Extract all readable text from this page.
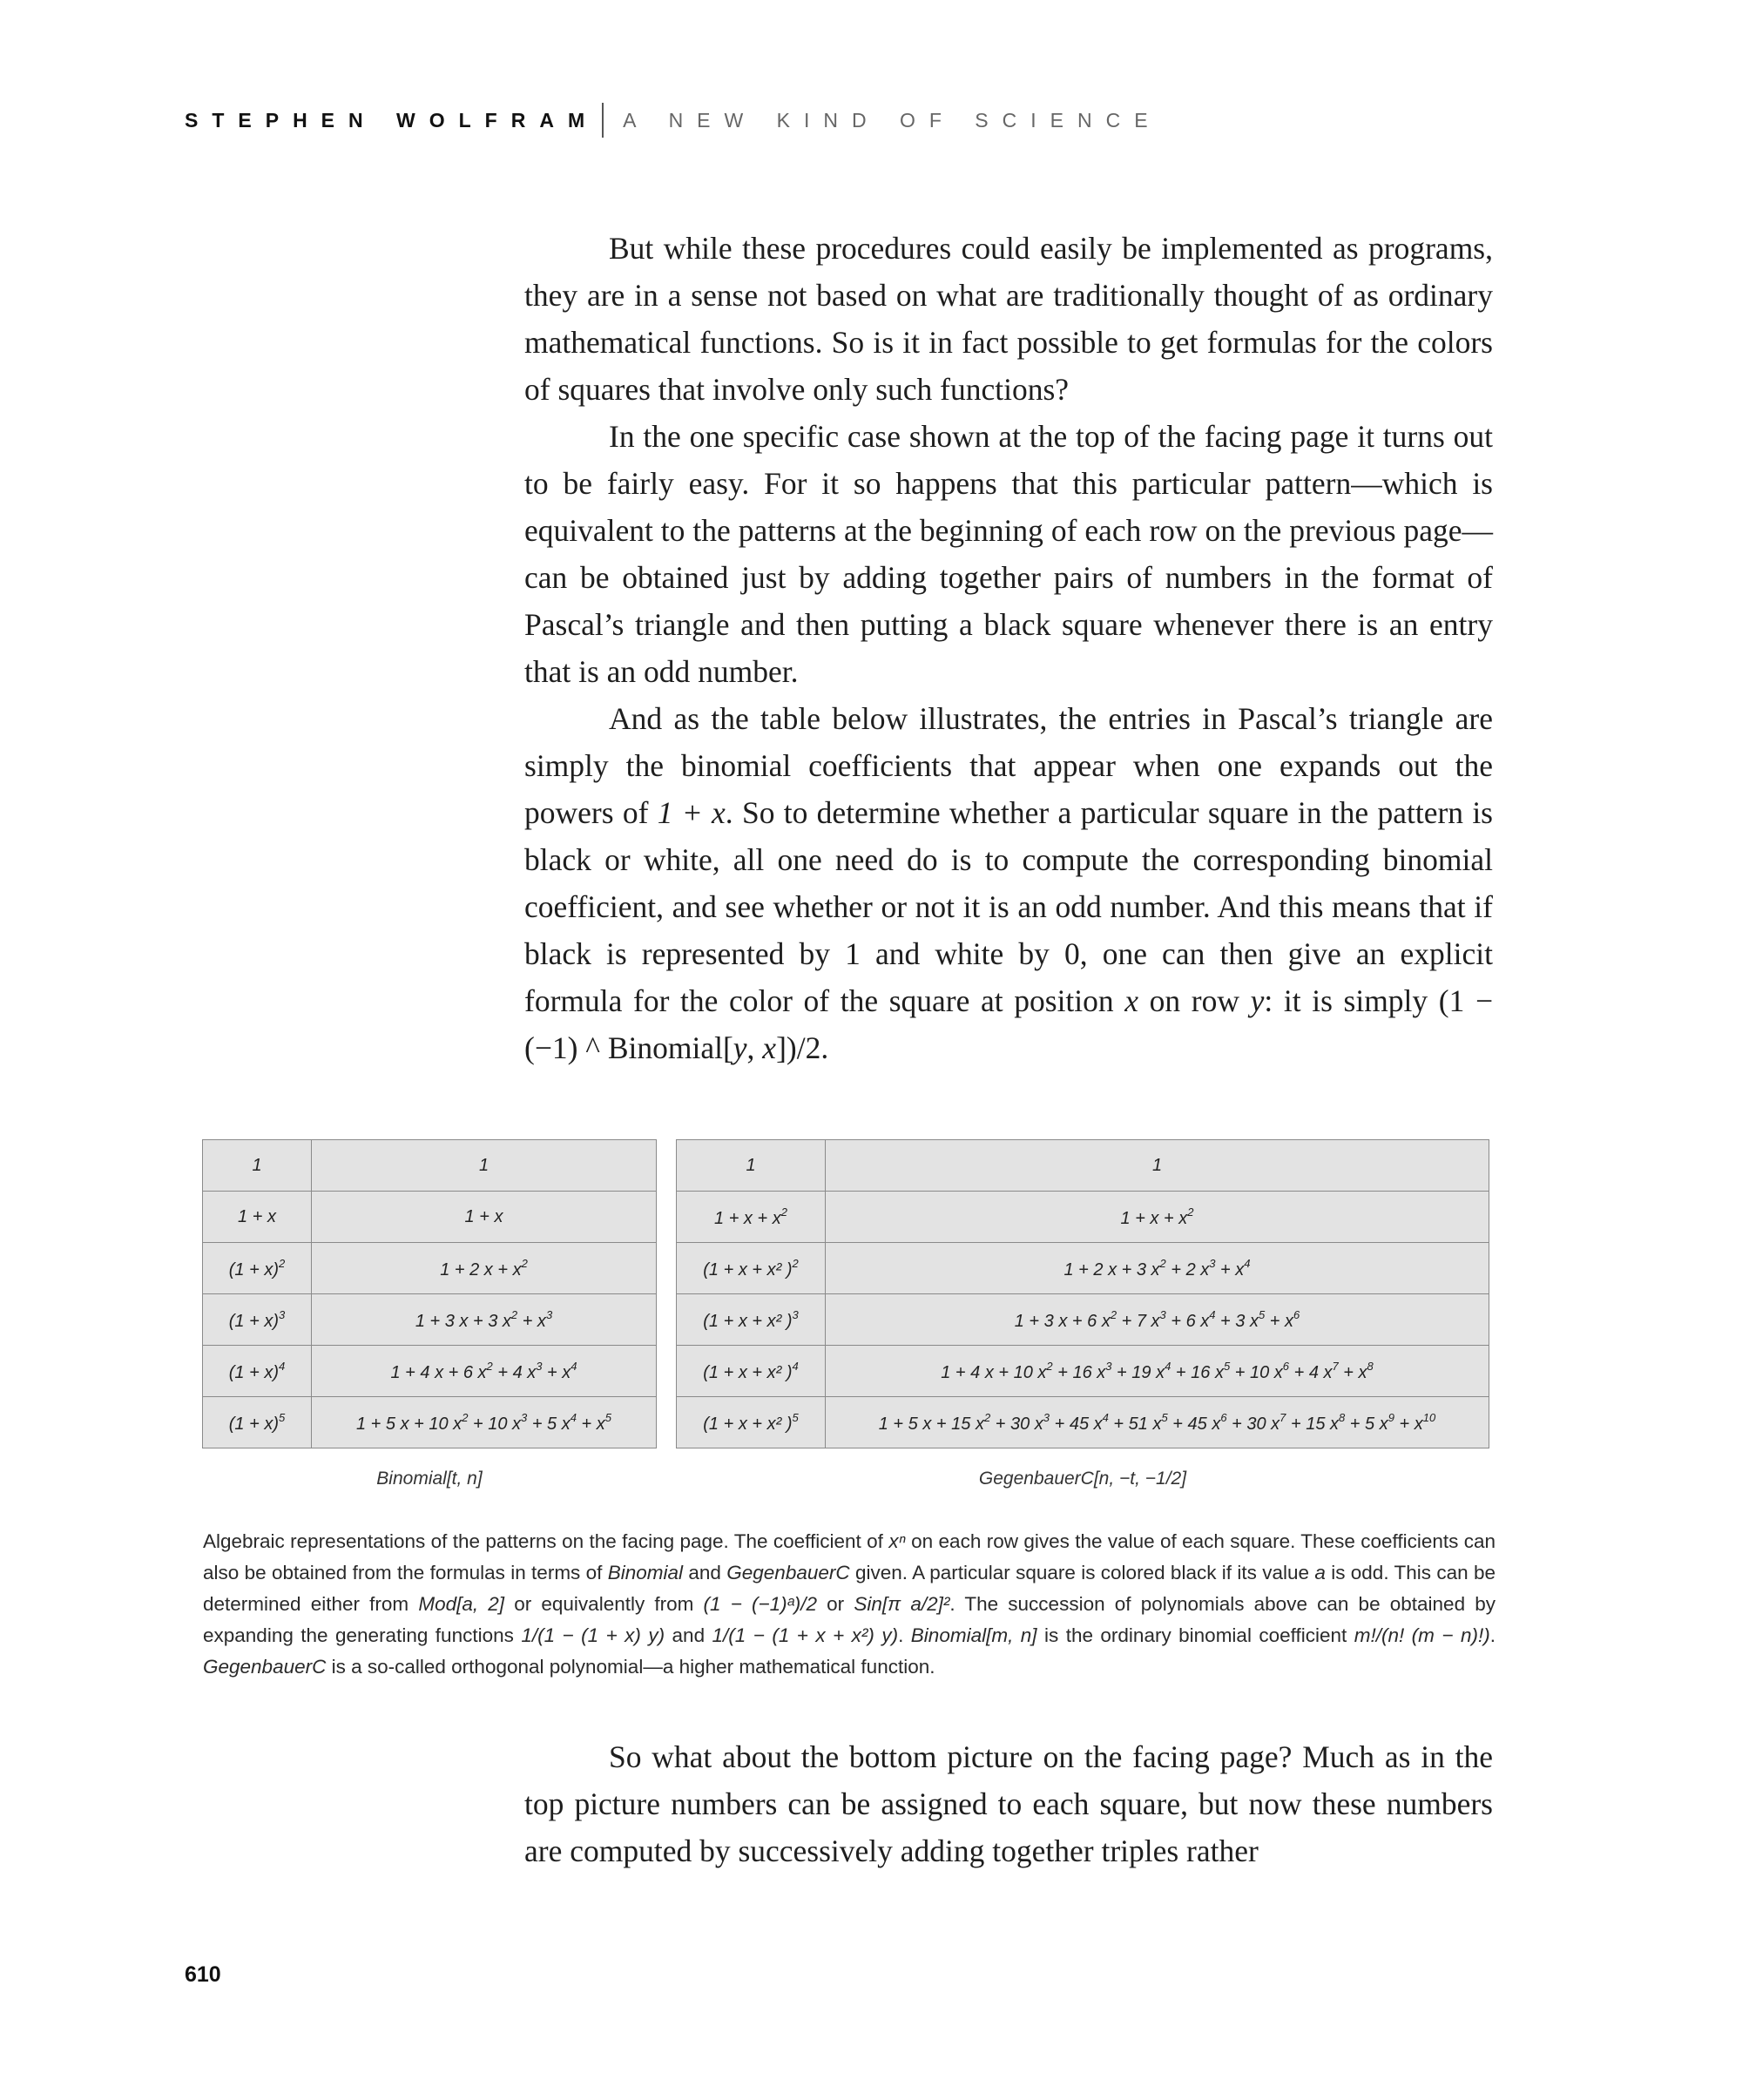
STEPHEN WOLFRAM A NEW KIND OF SCIENCE

But while these procedures could easily be implemented as programs, they are in a sense not based on what are traditionally thought of as ordinary mathematical functions. So is it in fact possible to get formulas for the colors of squares that involve only such functions?

In the one specific case shown at the top of the facing page it turns out to be fairly easy. For it so happens that this particular pattern—which is equivalent to the patterns at the beginning of each row on the previous page—can be obtained just by adding together pairs of numbers in the format of Pascal’s triangle and then putting a black square whenever there is an entry that is an odd number.

And as the table below illustrates, the entries in Pascal’s triangle are simply the binomial coefficients that appear when one expands out the powers of 1 + x. So to determine whether a particular square in the pattern is black or white, all one need do is to compute the corresponding binomial coefficient, and see whether or not it is an odd number. And this means that if black is represented by 1 and white by 0, one can then give an explicit formula for the color of the square at position x on row y: it is simply (1 − (−1) ^ Binomial[y, x])/2.

1	1
1 + x	1 + x
$(1 + x)^2$	1 + 2 $x + x^2$
$(1 + x)^3$	1 + 3 x + 3 $x^2 + x^3$
$(1 + x)^4$	1 + 4 x + 6 $x^2 + 4$ $x^3 + x^4$
$(1 + x)^5$	1 + 5 x + 10 $x^2 + 10$ $x^3 + 5$ $x^4 + x^5$
1	1
$1 + x + x^2$	$1 + x + x^2$
(1 + x + x² )$^2$	1 + 2 x + 3 $x^2 + 2$ $x^3 + x^4$
(1 + x + x² )$^3$	1 + 3 x + 6 $x^2 + 7$ $x^3 + 6$ $x^4 + 3$ $x^5 + x^6$
(1 + x + x² )$^4$	1 + 4 x + 10 $x^2 + 16$ $x^3 + 19$ $x^4 + 16$ $x^5 + 10$ $x^6 + 4$ $x^7 + x^8$
(1 + x + x² )$^5$	1 + 5 x + 15 $x^2 + 30$ $x^3 + 45$ $x^4 + 51$ $x^5 + 45$ $x^6 + 30$ $x^7 + 15$ $x^8 + 5$ $x^9 + x^{10}$
Binomial[t, n]	GegenbauerC[n, −t, −1/2]
Algebraic representations of the patterns on the facing page. The coefficient of xⁿ on each row gives the value of each square. These coefficients can also be obtained from the formulas in terms of Binomial and GegenbauerC given. A particular square is colored black if its value a is odd. This can be determined either from Mod[a, 2] or equivalently from (1 − (−1)ᵃ)/2 or Sin[π a/2]². The succession of polynomials above can be obtained by expanding the generating functions 1/(1 − (1 + x) y) and 1/(1 − (1 + x + x²) y). Binomial[m, n] is the ordinary binomial coefficient m!/(n! (m − n)!). GegenbauerC is a so-called orthogonal polynomial—a higher mathematical function.

So what about the bottom picture on the facing page? Much as in the top picture numbers can be assigned to each square, but now these numbers are computed by successively adding together triples rather

610
